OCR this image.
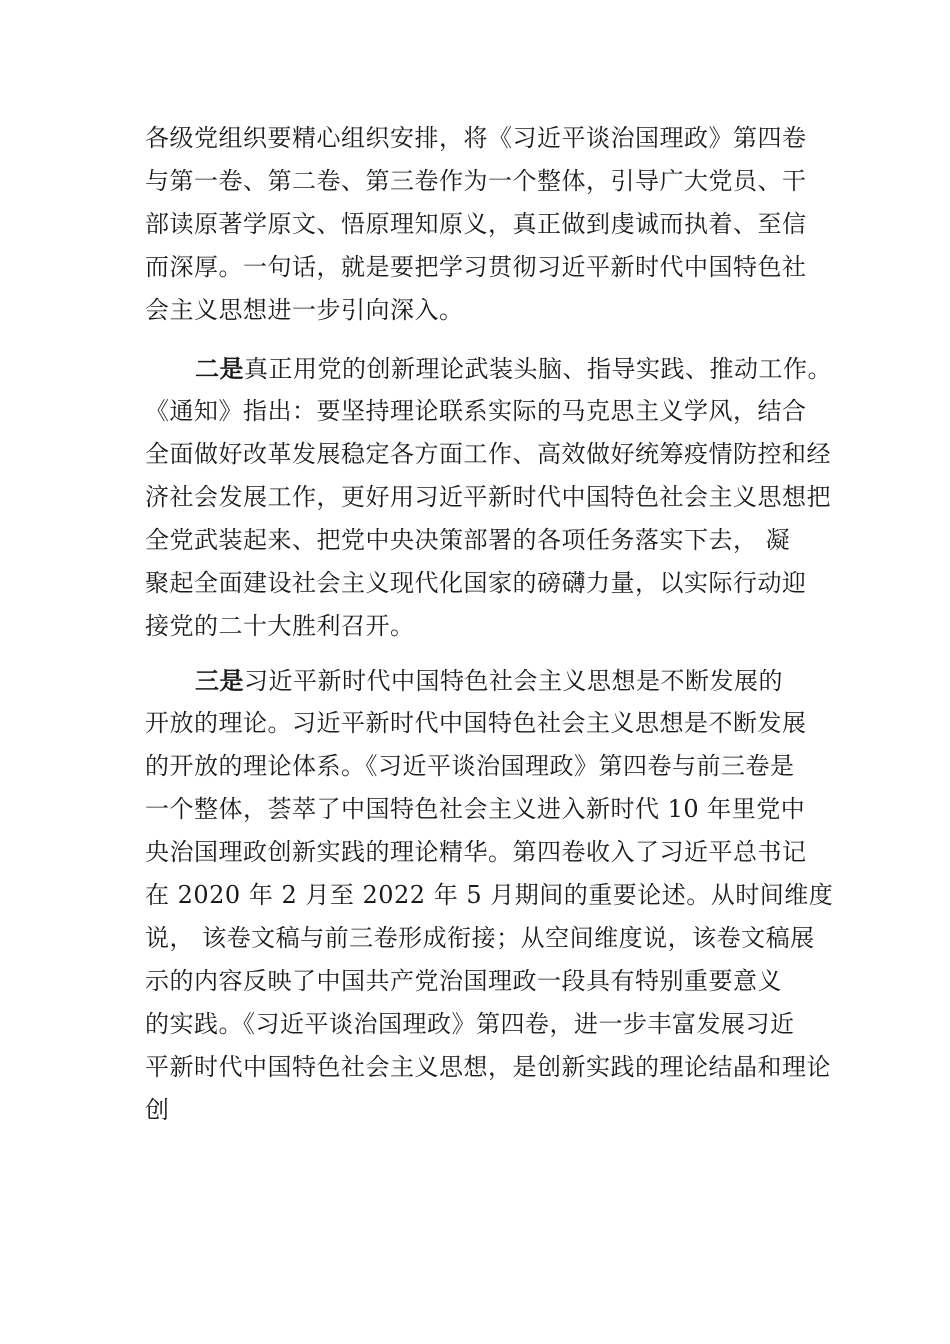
各级党组织要精心组织安排，将《习近平谈治国理政》第四卷
与第一卷、第二卷、第三卷作为一个整体，引导广大党员、干
部读原著学原文、悟原理知原义，真正做到虔诚而执着、至信
而深厚。一句话，就是要把学习贯彻习近平新时代中国特色社
会主义思想进一步引向深入。
二是真正用党的创新理论武装头脑、指导实践、推动工作。
《通知》指出：要坚持理论联系实际的马克思主义学风，结合
全面做好改革发展稳定各方面工作、高效做好统筹疫情防控和经
济社会发展工作，更好用习近平新时代中国特色社会主义思想把
全党武装起来、把党中央决策部署的各项任务落实下去， 凝
聚起全面建设社会主义现代化国家的磅礴力量，以实际行动迎
接党的二十大胜利召开。
三是习近平新时代中国特色社会主义思想是不断发展的
开放的理论。习近平新时代中国特色社会主义思想是不断发展
的开放的理论体系。《习近平谈治国理政》第四卷与前三卷是
一个整体，荟萃了中国特色社会主义进入新时代 10 年里党中
央治国理政创新实践的理论精华。第四卷收入了习近平总书记
在 2020 年 2 月至 2022 年 5 月期间的重要论述。从时间维度
说， 该卷文稿与前三卷形成衔接；从空间维度说，该卷文稿展
示的内容反映了中国共产党治国理政一段具有特别重要意义
的实践。《习近平谈治国理政》第四卷，进一步丰富发展习近
平新时代中国特色社会主义思想，是创新实践的理论结晶和理论
创
